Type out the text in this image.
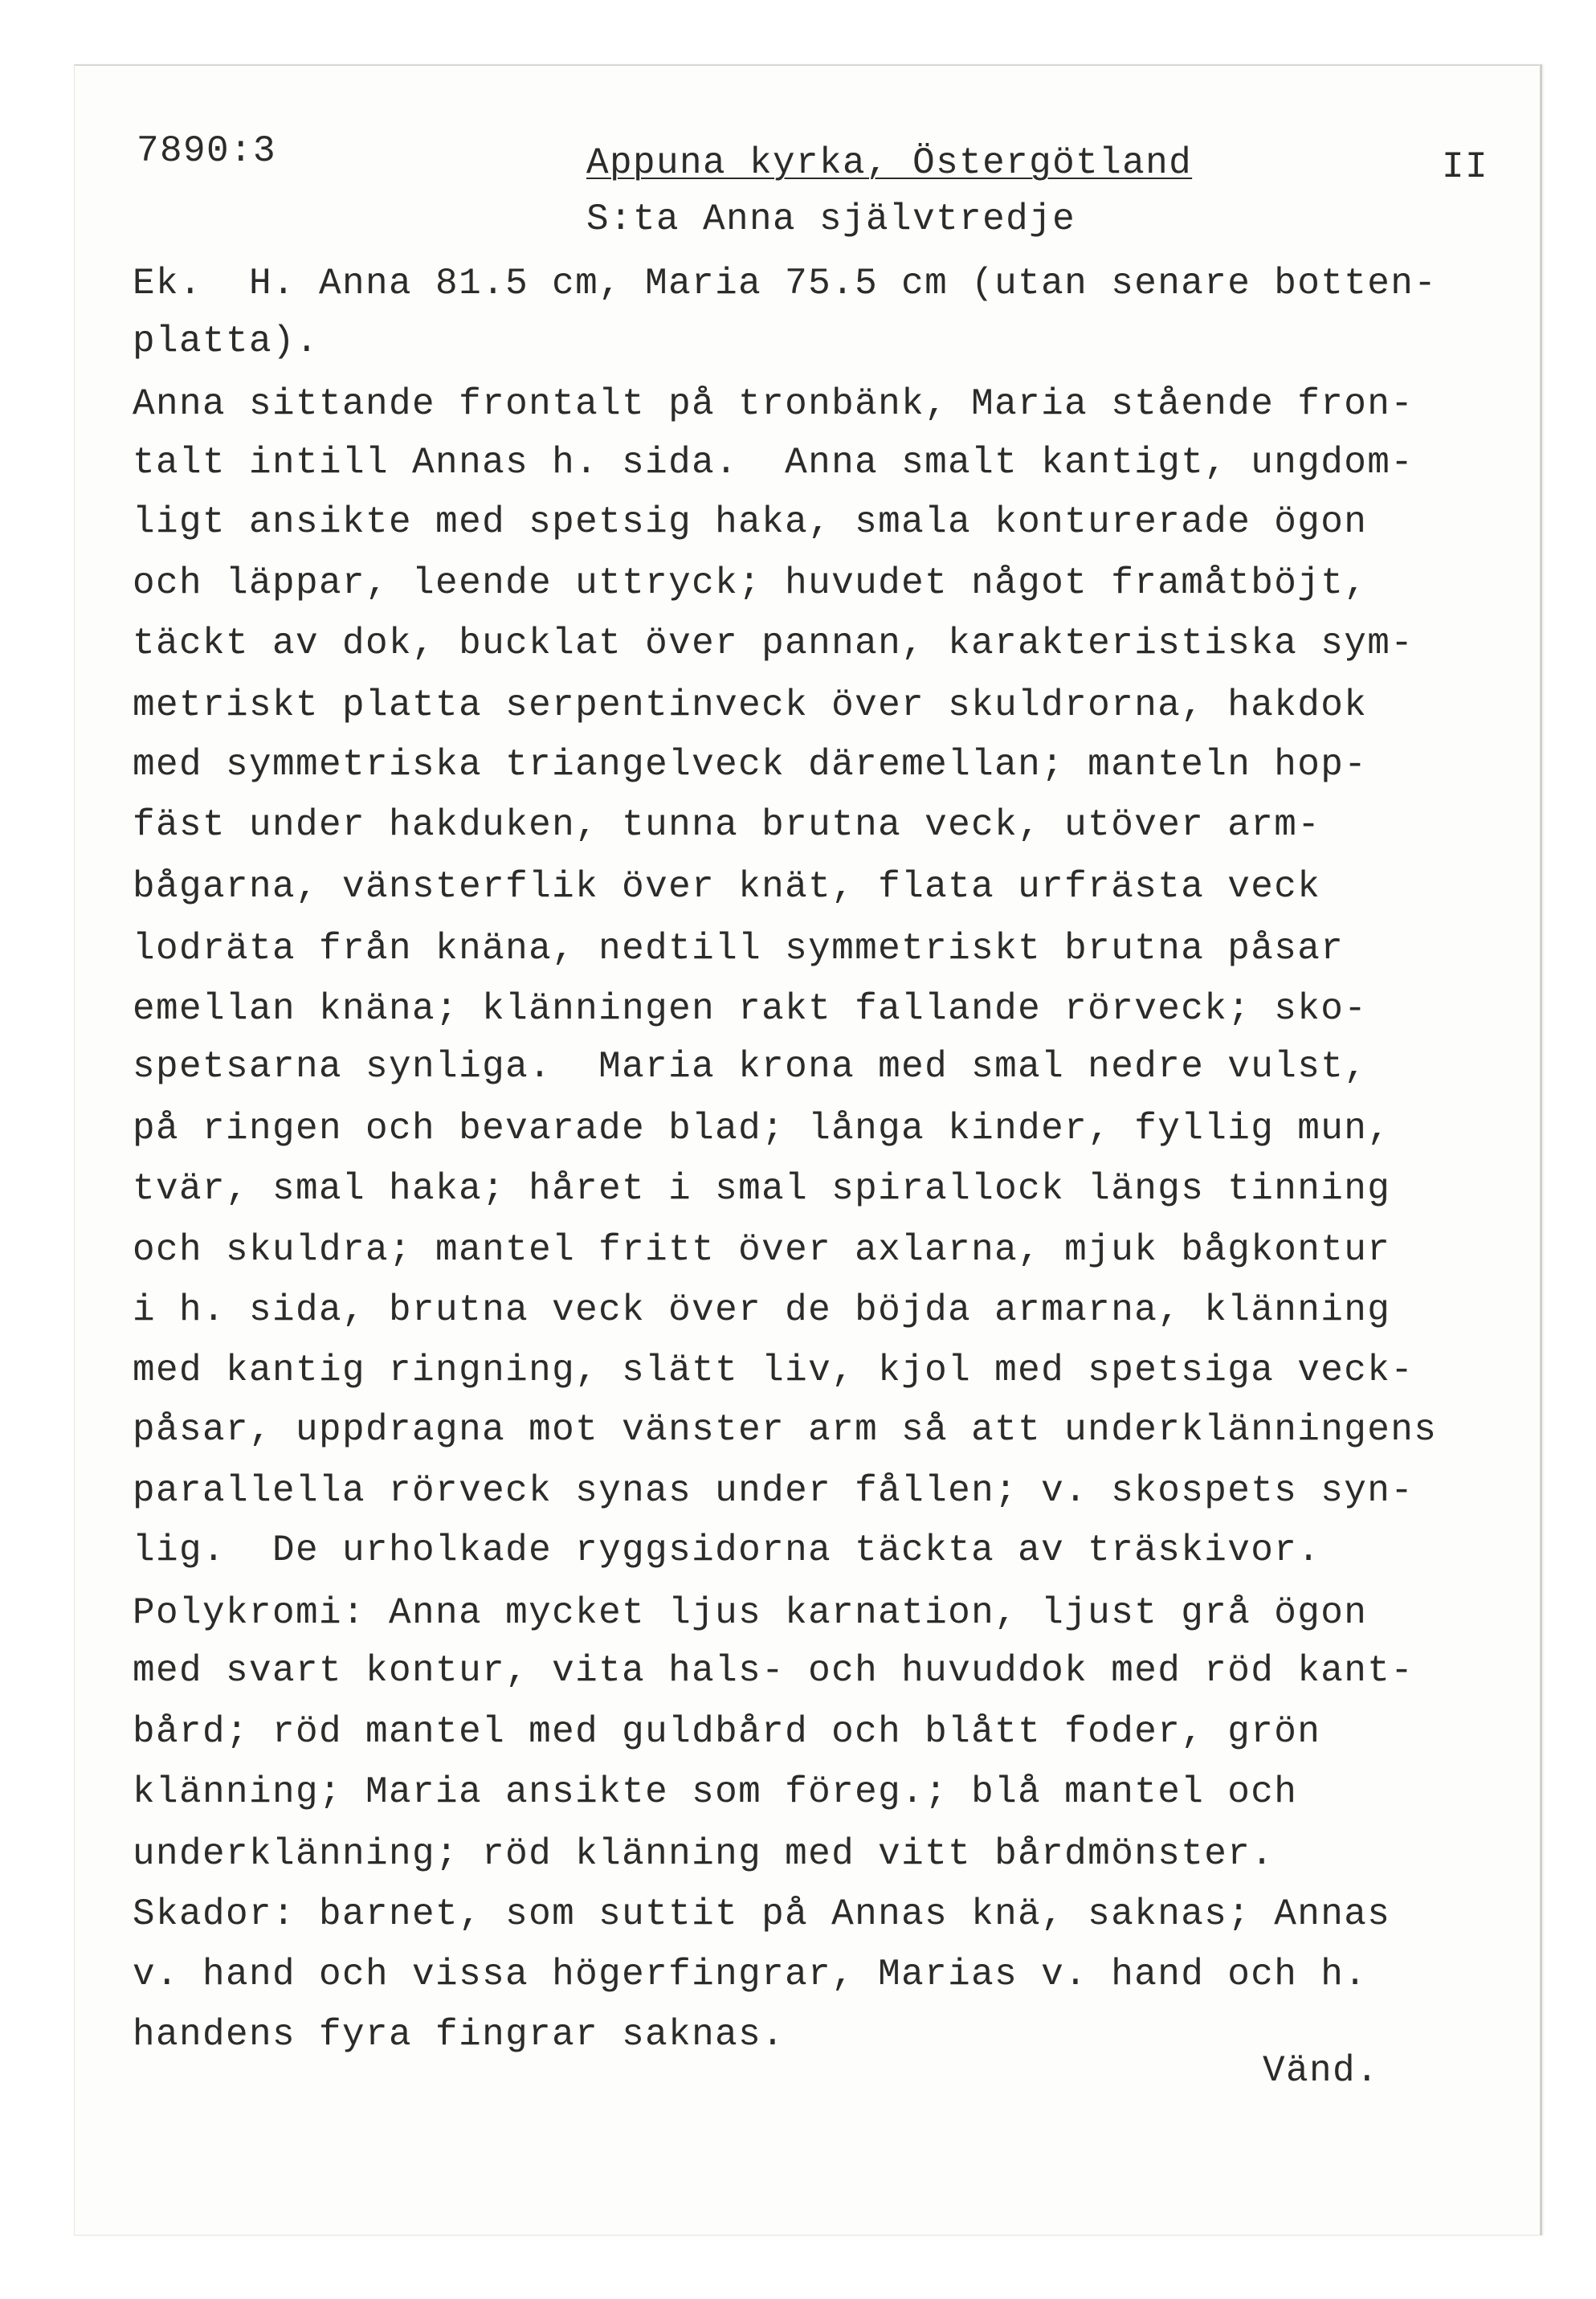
7890:3	Appuna kyrka, Östergötland	II

S:ta Anna självtredje

Ek.  H. Anna 81.5 cm, Maria 75.5 cm (utan senare botten-

platta).

Anna sittande frontalt på tronbänk, Maria stående fron-

talt intill Annas h. sida.  Anna smalt kantigt, ungdom-

ligt ansikte med spetsig haka, smala konturerade ögon

och läppar, leende uttryck; huvudet något framåtböjt,

täckt av dok, bucklat över pannan, karakteristiska sym-

metriskt platta serpentinveck över skuldrorna, hakdok

med symmetriska triangelveck däremellan; manteln hop-

fäst under hakduken, tunna brutna veck, utöver arm-

bågarna, vänsterflik över knät, flata urfrästa veck

lodräta från knäna, nedtill symmetriskt brutna påsar

emellan knäna; klänningen rakt fallande rörveck; sko-

spetsarna synliga.  Maria krona med smal nedre vulst,

på ringen och bevarade blad; långa kinder, fyllig mun,

tvär, smal haka; håret i smal spirallock längs tinning

och skuldra; mantel fritt över axlarna, mjuk bågkontur

i h. sida, brutna veck över de böjda armarna, klänning

med kantig ringning, slätt liv, kjol med spetsiga veck-

påsar, uppdragna mot vänster arm så att underklänningens

parallella rörveck synas under fållen; v. skospets syn-

lig.  De urholkade ryggsidorna täckta av träskivor.

Polykromi: Anna mycket ljus karnation, ljust grå ögon

med svart kontur, vita hals- och huvuddok med röd kant-

bård; röd mantel med guldbård och blått foder, grön

klänning; Maria ansikte som föreg.; blå mantel och

underklänning; röd klänning med vitt bårdmönster.

Skador: barnet, som suttit på Annas knä, saknas; Annas

v. hand och vissa högerfingrar, Marias v. hand och h.

handens fyra fingrar saknas.

Vänd.
